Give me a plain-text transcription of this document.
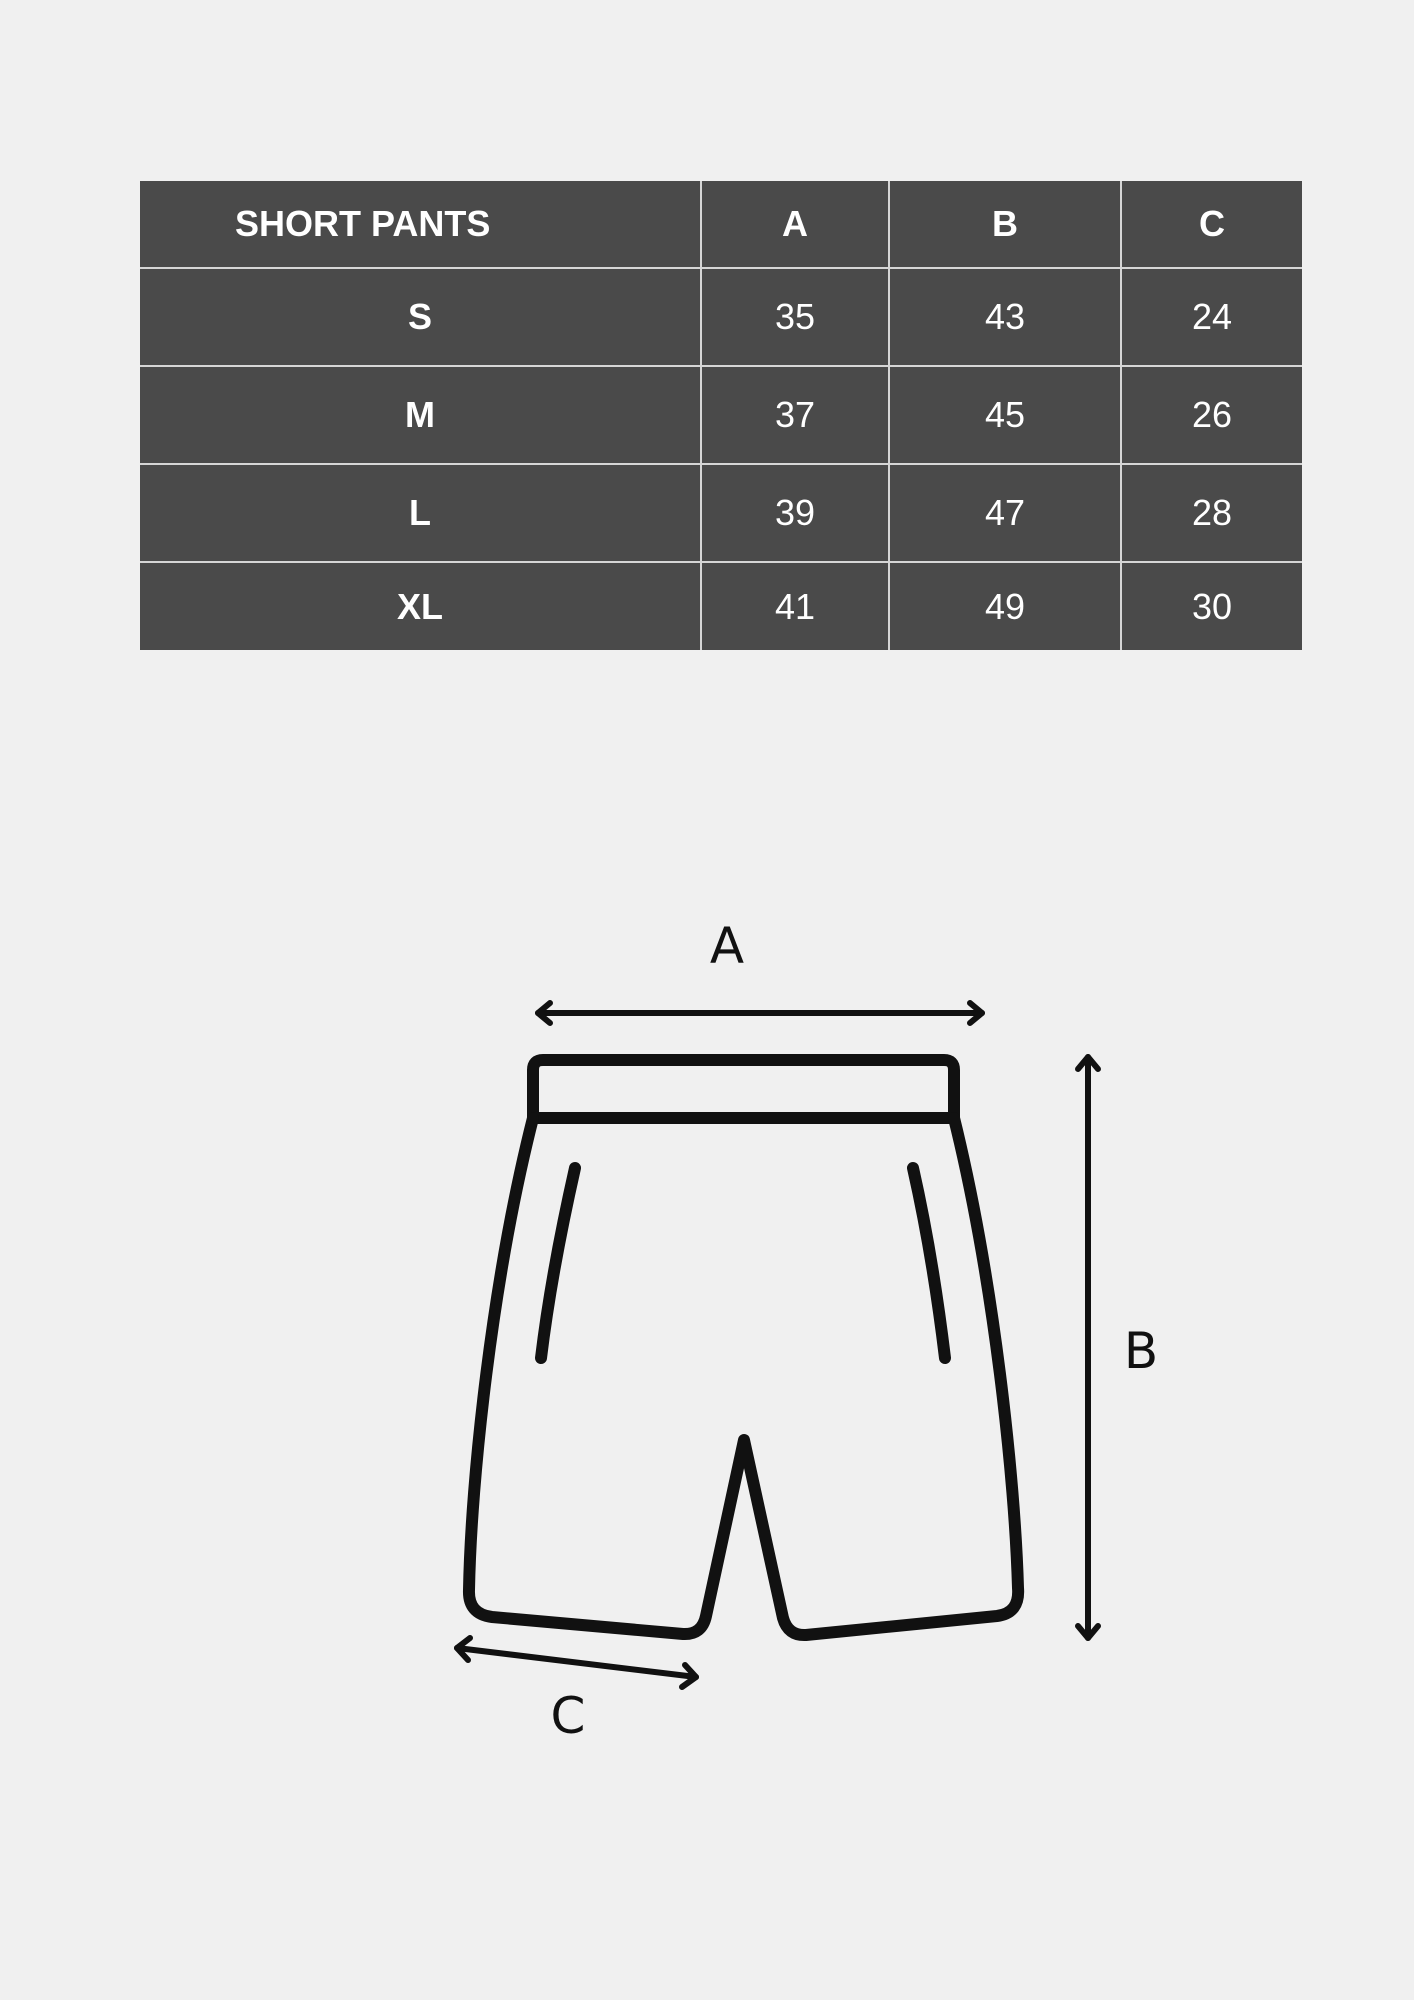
SHORT PANTS	A	B	C
S	35	43	24
M	37	45	26
L	39	47	28
XL	41	49	30
A
B
C
